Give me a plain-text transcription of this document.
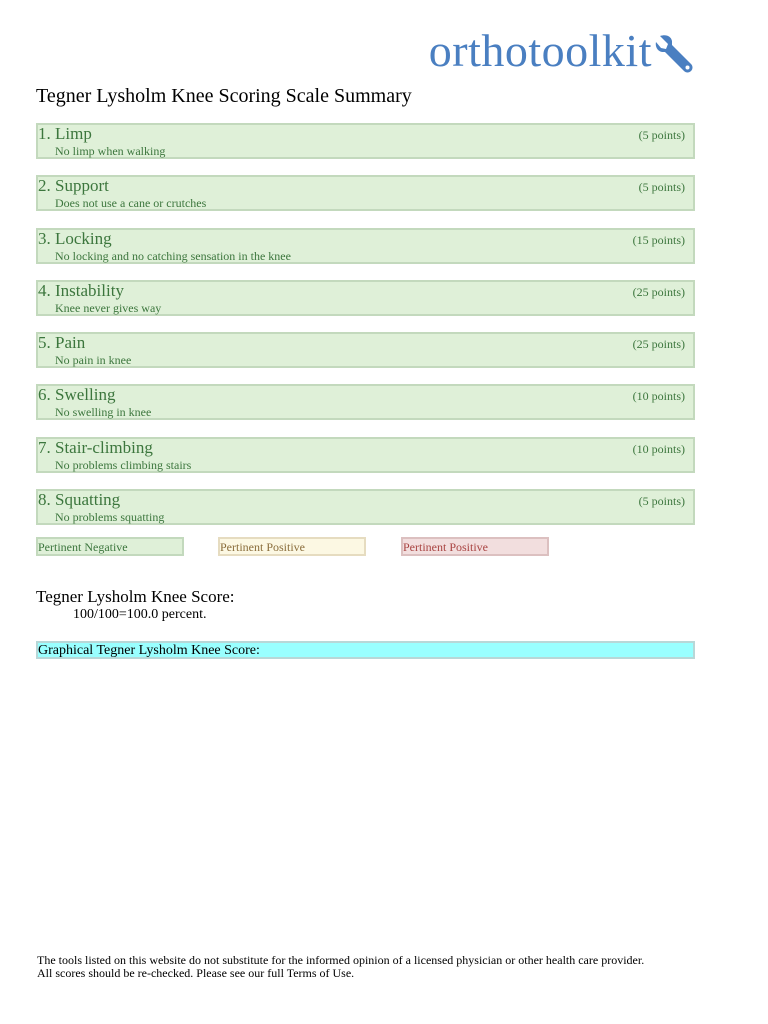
orthotoolkit
Tegner Lysholm Knee Scoring Scale Summary
1. Limp	(5 points)
No limp when walking
2. Support	(5 points)
Does not use a cane or crutches
3. Locking	(15 points)
No locking and no catching sensation in the knee
4. Instability	(25 points)
Knee never gives way
5. Pain	(25 points)
No pain in knee
6. Swelling	(10 points)
No swelling in knee
7. Stair-climbing	(10 points)
No problems climbing stairs
8. Squatting	(5 points)
No problems squatting
Pertinent Negative	Pertinent Positive	Pertinent Positive
Tegner Lysholm Knee Score:
100/100=100.0 percent.
Graphical Tegner Lysholm Knee Score:
The tools listed on this website do not substitute for the informed opinion of a licensed physician or other health care provider.
All scores should be re-checked. Please see our full Terms of Use.
